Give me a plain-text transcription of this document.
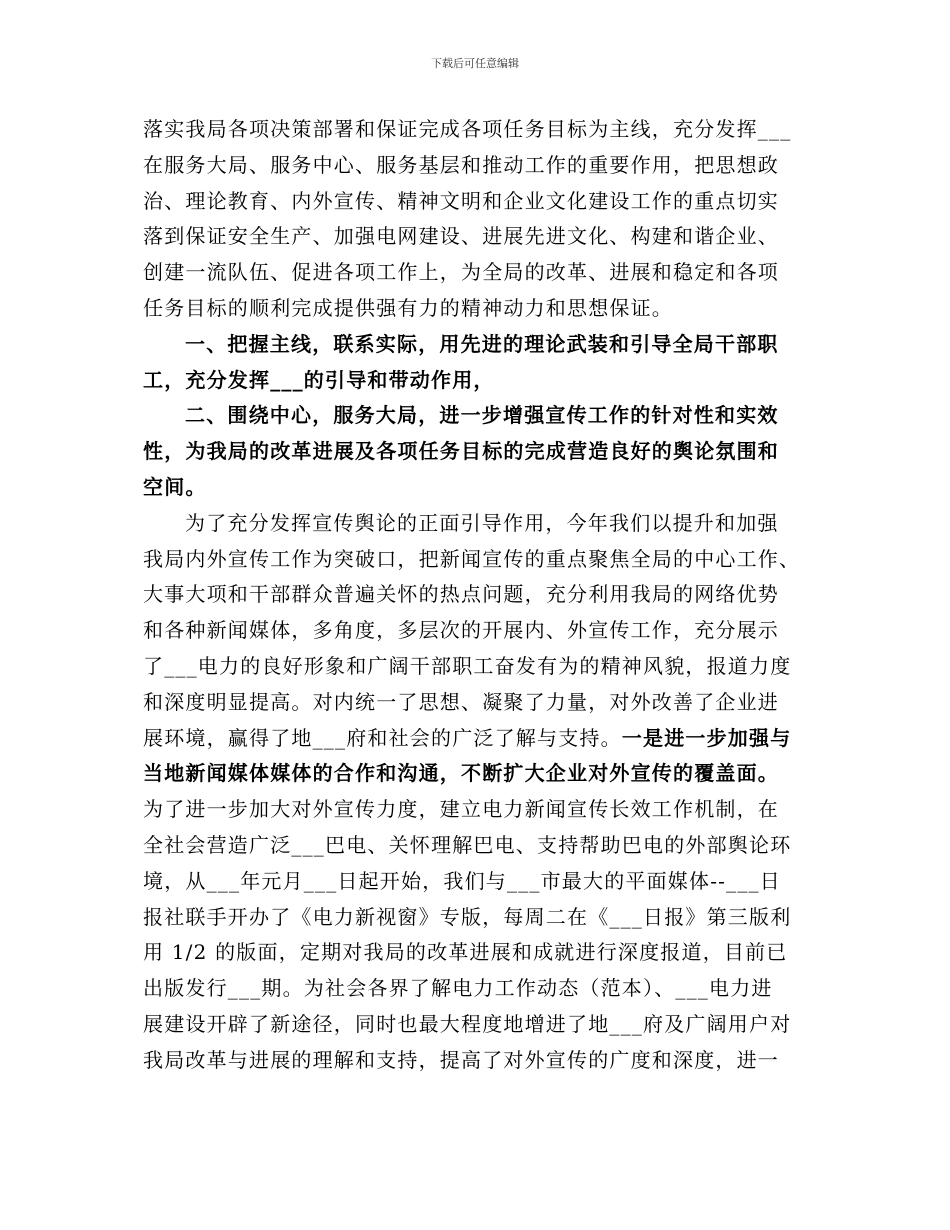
下载后可任意编辑
落实我局各项决策部署和保证完成各项任务目标为主线，充分发挥___
在服务大局、服务中心、服务基层和推动工作的重要作用，把思想政
治、理论教育、内外宣传、精神文明和企业文化建设工作的重点切实
落到保证安全生产、加强电网建设、进展先进文化、构建和谐企业、
创建一流队伍、促进各项工作上，为全局的改革、进展和稳定和各项
任务目标的顺利完成提供强有力的精神动力和思想保证。
一、把握主线，联系实际，用先进的理论武装和引导全局干部职
工，充分发挥___的引导和带动作用，
二、围绕中心，服务大局，进一步增强宣传工作的针对性和实效
性，为我局的改革进展及各项任务目标的完成营造良好的舆论氛围和
空间。
为了充分发挥宣传舆论的正面引导作用，今年我们以提升和加强
我局内外宣传工作为突破口，把新闻宣传的重点聚焦全局的中心工作、
大事大项和干部群众普遍关怀的热点问题，充分利用我局的网络优势
和各种新闻媒体，多角度，多层次的开展内、外宣传工作，充分展示
了___电力的良好形象和广阔干部职工奋发有为的精神风貌，报道力度
和深度明显提高。对内统一了思想、凝聚了力量，对外改善了企业进
展环境，赢得了地___府和社会的广泛了解与支持。一是进一步加强与
当地新闻媒体媒体的合作和沟通，不断扩大企业对外宣传的覆盖面。
为了进一步加大对外宣传力度，建立电力新闻宣传长效工作机制，在
全社会营造广泛___巴电、关怀理解巴电、支持帮助巴电的外部舆论环
境，从___年元月___日起开始，我们与___市最大的平面媒体--___日
报社联手开办了《电力新视窗》专版，每周二在《___日报》第三版利
用 1/2 的版面，定期对我局的改革进展和成就进行深度报道，目前已
出版发行___期。为社会各界了解电力工作动态（范本）、___电力进
展建设开辟了新途径，同时也最大程度地增进了地___府及广阔用户对
我局改革与进展的理解和支持，提高了对外宣传的广度和深度，进一
